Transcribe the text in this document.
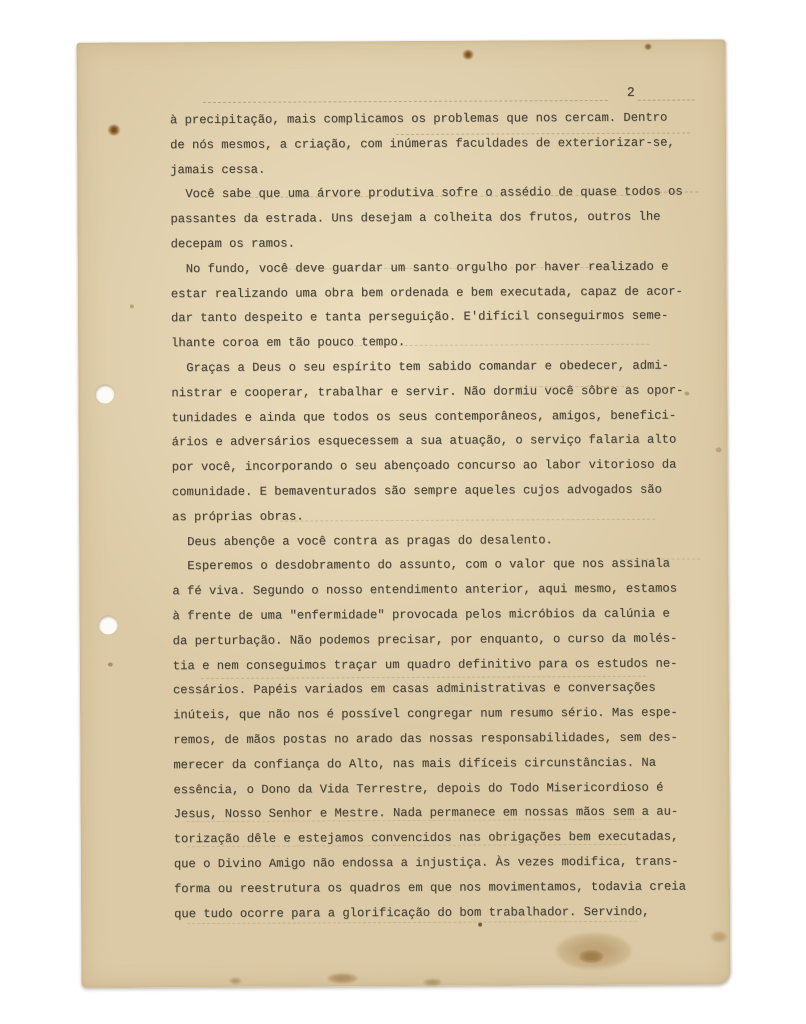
2
à precipitação, mais complicamos os problemas que nos cercam. Dentro
de nós mesmos, a criação, com inúmeras faculdades de exteriorizar-se,
jamais cessa.
Você sabe que uma árvore produtiva sofre o assédio de quase todos os
passantes da estrada. Uns desejam a colheita dos frutos, outros lhe
decepam os ramos.
No fundo, você deve guardar um santo orgulho por haver realizado e
estar realizando uma obra bem ordenada e bem executada, capaz de acor-
dar tanto despeito e tanta perseguição. E'difícil conseguirmos seme-
lhante coroa em tão pouco tempo.
Graças a Deus o seu espírito tem sabido comandar e obedecer, admi-
nistrar e cooperar, trabalhar e servir. Não dormiu você sôbre as opor-
tunidades e ainda que todos os seus contemporâneos, amigos, benefici-
ários e adversários esquecessem a sua atuação, o serviço falaria alto
por você, incorporando o seu abençoado concurso ao labor vitorioso da
comunidade. E bemaventurados são sempre aqueles cujos advogados são
as próprias obras.
Deus abençôe a você contra as pragas do desalento.
Esperemos o desdobramento do assunto, com o valor que nos assinala
a fé viva. Segundo o nosso entendimento anterior, aqui mesmo, estamos
à frente de uma "enfermidade" provocada pelos micróbios da calúnia e
da perturbação. Não podemos precisar, por enquanto, o curso da molés-
tia e nem conseguimos traçar um quadro definitivo para os estudos ne-
cessários. Papéis variados em casas administrativas e conversações
inúteis, que não nos é possível congregar num resumo sério. Mas espe-
remos, de mãos postas no arado das nossas responsabilidades, sem des-
merecer da confiança do Alto, nas mais difíceis circunstâncias. Na
essência, o Dono da Vida Terrestre, depois do Todo Misericordioso é
Jesus, Nosso Senhor e Mestre. Nada permanece em nossas mãos sem a au-
torização dêle e estejamos convencidos nas obrigações bem executadas,
que o Divino Amigo não endossa a injustiça. Às vezes modifica, trans-
forma ou reestrutura os quadros em que nos movimentamos, todavia creia
que tudo ocorre para a glorificação do bom trabalhador. Servindo,
